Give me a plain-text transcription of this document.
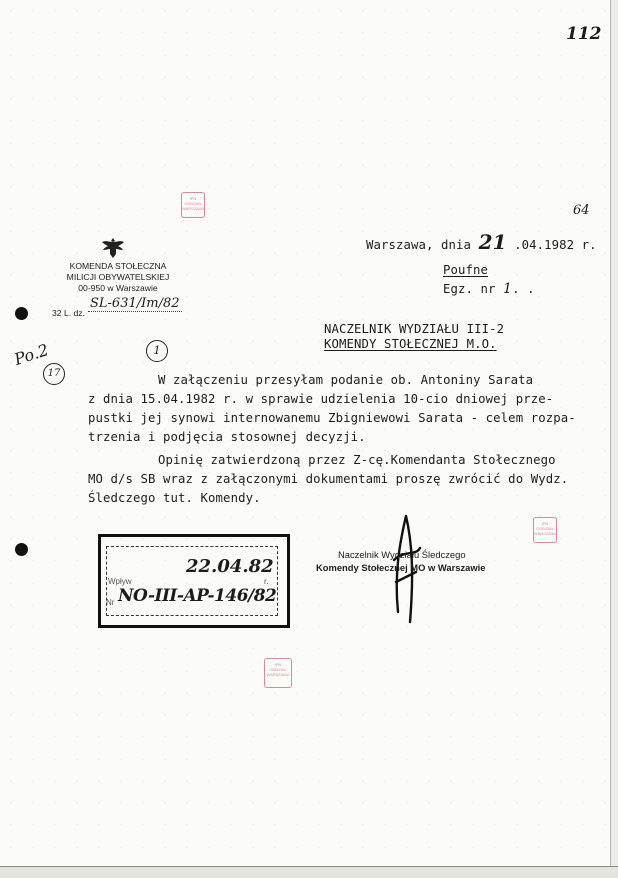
112
IPN
ODDZIAŁ
WARSZAWA
IPN
ODDZIAŁ
WARSZAWA
IPN
ODDZIAŁ
WARSZAWA
64
KOMENDA STOŁECZNA
MILICJI OBYWATELSKIEJ
00-950 w Warszawie
32 L. dz.
SL-631/Im/82
Po.2
17
1
Warszawa, dnia 21 .04.1982 r.
Poufne
Egz. nr 1. .
NACZELNIK WYDZIAŁU III-2
KOMENDY STOŁECZNEJ M.O.
W załączeniu przesyłam podanie ob. Antoniny Sarata
z dnia 15.04.1982 r. w sprawie udzielenia 10-cio dniowej prze-
pustki jej synowi internowanemu Zbigniewowi Sarata - celem rozpa-
trzenia i podjęcia stosownej decyzji.
Opinię zatwierdzoną przez Z-cę.Komendanta Stołecznego
MO d/s SB wraz z załączonymi dokumentami proszę zwrócić do Wydz.
Śledczego tut. Komendy.
Naczelnik Wydziału Śledczego
Komendy Stołecznej MO w Warszawie
Wpływ
22.04.82
r.
Nr NO-III-AP-146/82
